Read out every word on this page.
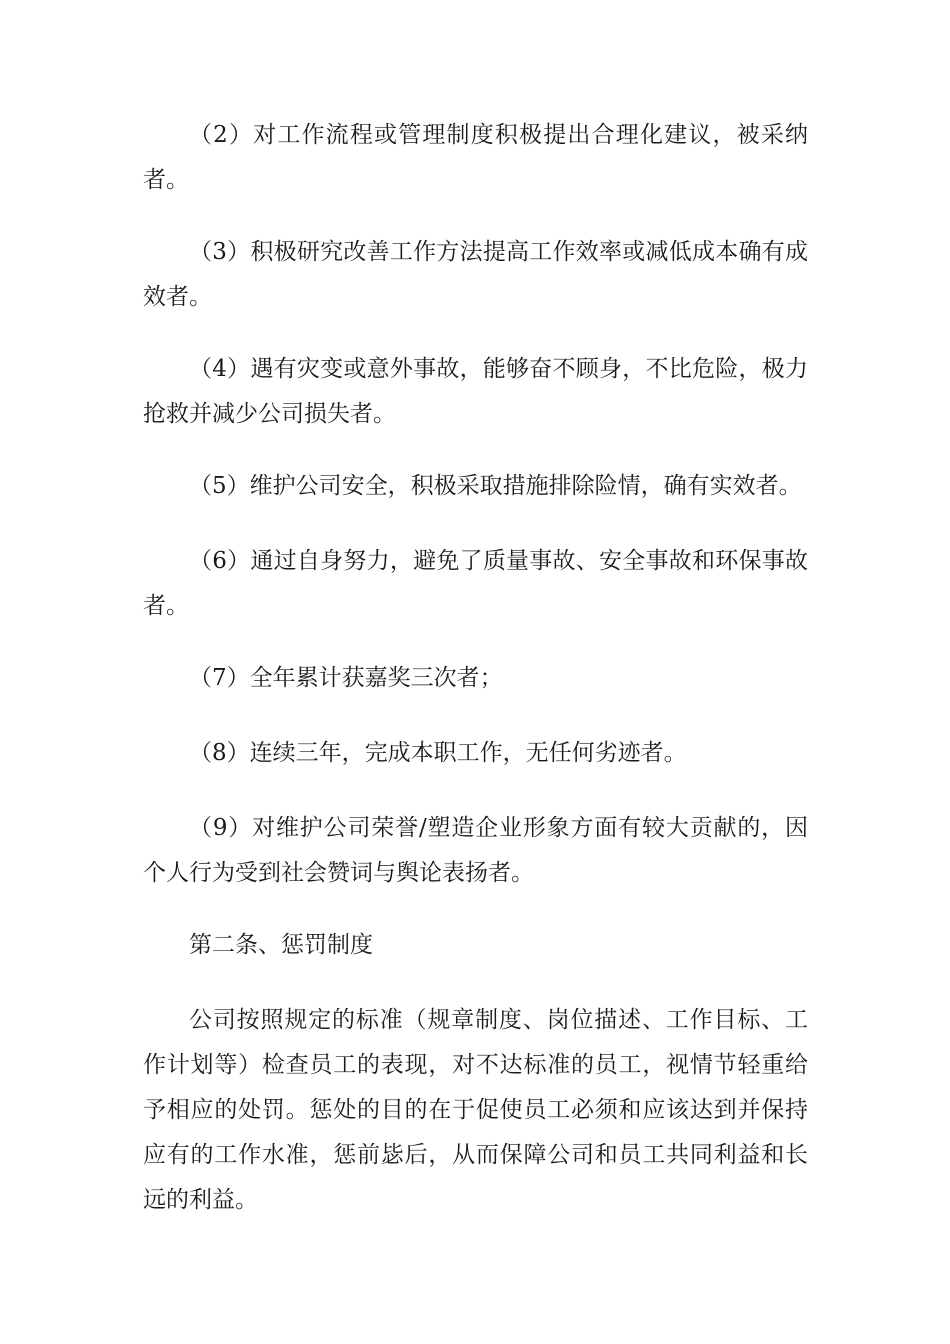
（2）对工作流程或管理制度积极提出合理化建议，被采纳者。

（3）积极研究改善工作方法提高工作效率或减低成本确有成效者。

（4）遇有灾变或意外事故，能够奋不顾身，不比危险，极力抢救并减少公司损失者。

（5）维护公司安全，积极采取措施排除险情，确有实效者。

（6）通过自身努力，避免了质量事故、安全事故和环保事故者。

（7）全年累计获嘉奖三次者；

（8）连续三年，完成本职工作，无任何劣迹者。

（9）对维护公司荣誉/塑造企业形象方面有较大贡献的，因个人行为受到社会赞词与舆论表扬者。

第二条、惩罚制度

公司按照规定的标准（规章制度、岗位描述、工作目标、工作计划等）检查员工的表现，对不达标准的员工，视情节轻重给予相应的处罚。惩处的目的在于促使员工必须和应该达到并保持应有的工作水准，惩前毖后，从而保障公司和员工共同利益和长远的利益。
